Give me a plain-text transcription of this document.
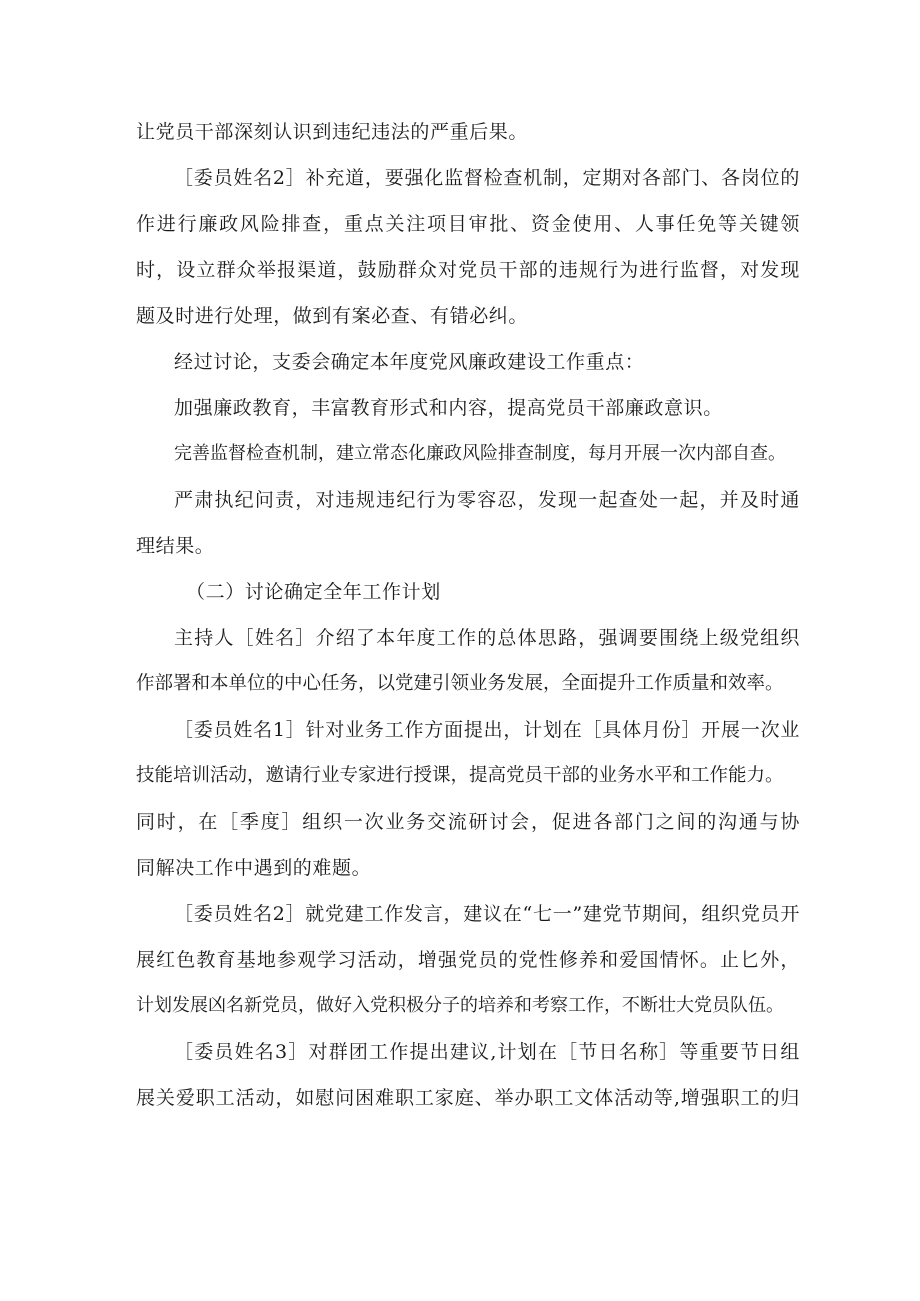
让党员干部深刻认识到违纪违法的严重后果。
［委员姓名2］补充道，要强化监督检查机制，定期对各部门、各岗位的
作进行廉政风险排查，重点关注项目审批、资金使用、人事任免等关键领
时，设立群众举报渠道，鼓励群众对党员干部的违规行为进行监督，对发现
题及时进行处理，做到有案必查、有错必纠。
经过讨论，支委会确定本年度党风廉政建设工作重点：
加强廉政教育，丰富教育形式和内容，提高党员干部廉政意识。
完善监督检查机制，建立常态化廉政风险排查制度，每月开展一次内部自查。
严肃执纪问责，对违规违纪行为零容忍，发现一起查处一起，并及时通
理结果。
（二）讨论确定全年工作计划
主持人［姓名］介绍了本年度工作的总体思路，强调要围绕上级党组织
作部署和本单位的中心任务，以党建引领业务发展，全面提升工作质量和效率。
［委员姓名1］针对业务工作方面提出，计划在［具体月份］开展一次业
技能培训活动，邀请行业专家进行授课，提高党员干部的业务水平和工作能力。
同时，在［季度］组织一次业务交流研讨会，促进各部门之间的沟通与协
同解决工作中遇到的难题。
［委员姓名2］就党建工作发言，建议在“七一”建党节期间，组织党员开
展红色教育基地参观学习活动，增强党员的党性修养和爱国情怀。止匕外，
计划发展凶名新党员，做好入党积极分子的培养和考察工作，不断壮大党员队伍。
［委员姓名3］对群团工作提出建议,计划在［节日名称］等重要节日组
展关爱职工活动，如慰问困难职工家庭、举办职工文体活动等,增强职工的归
